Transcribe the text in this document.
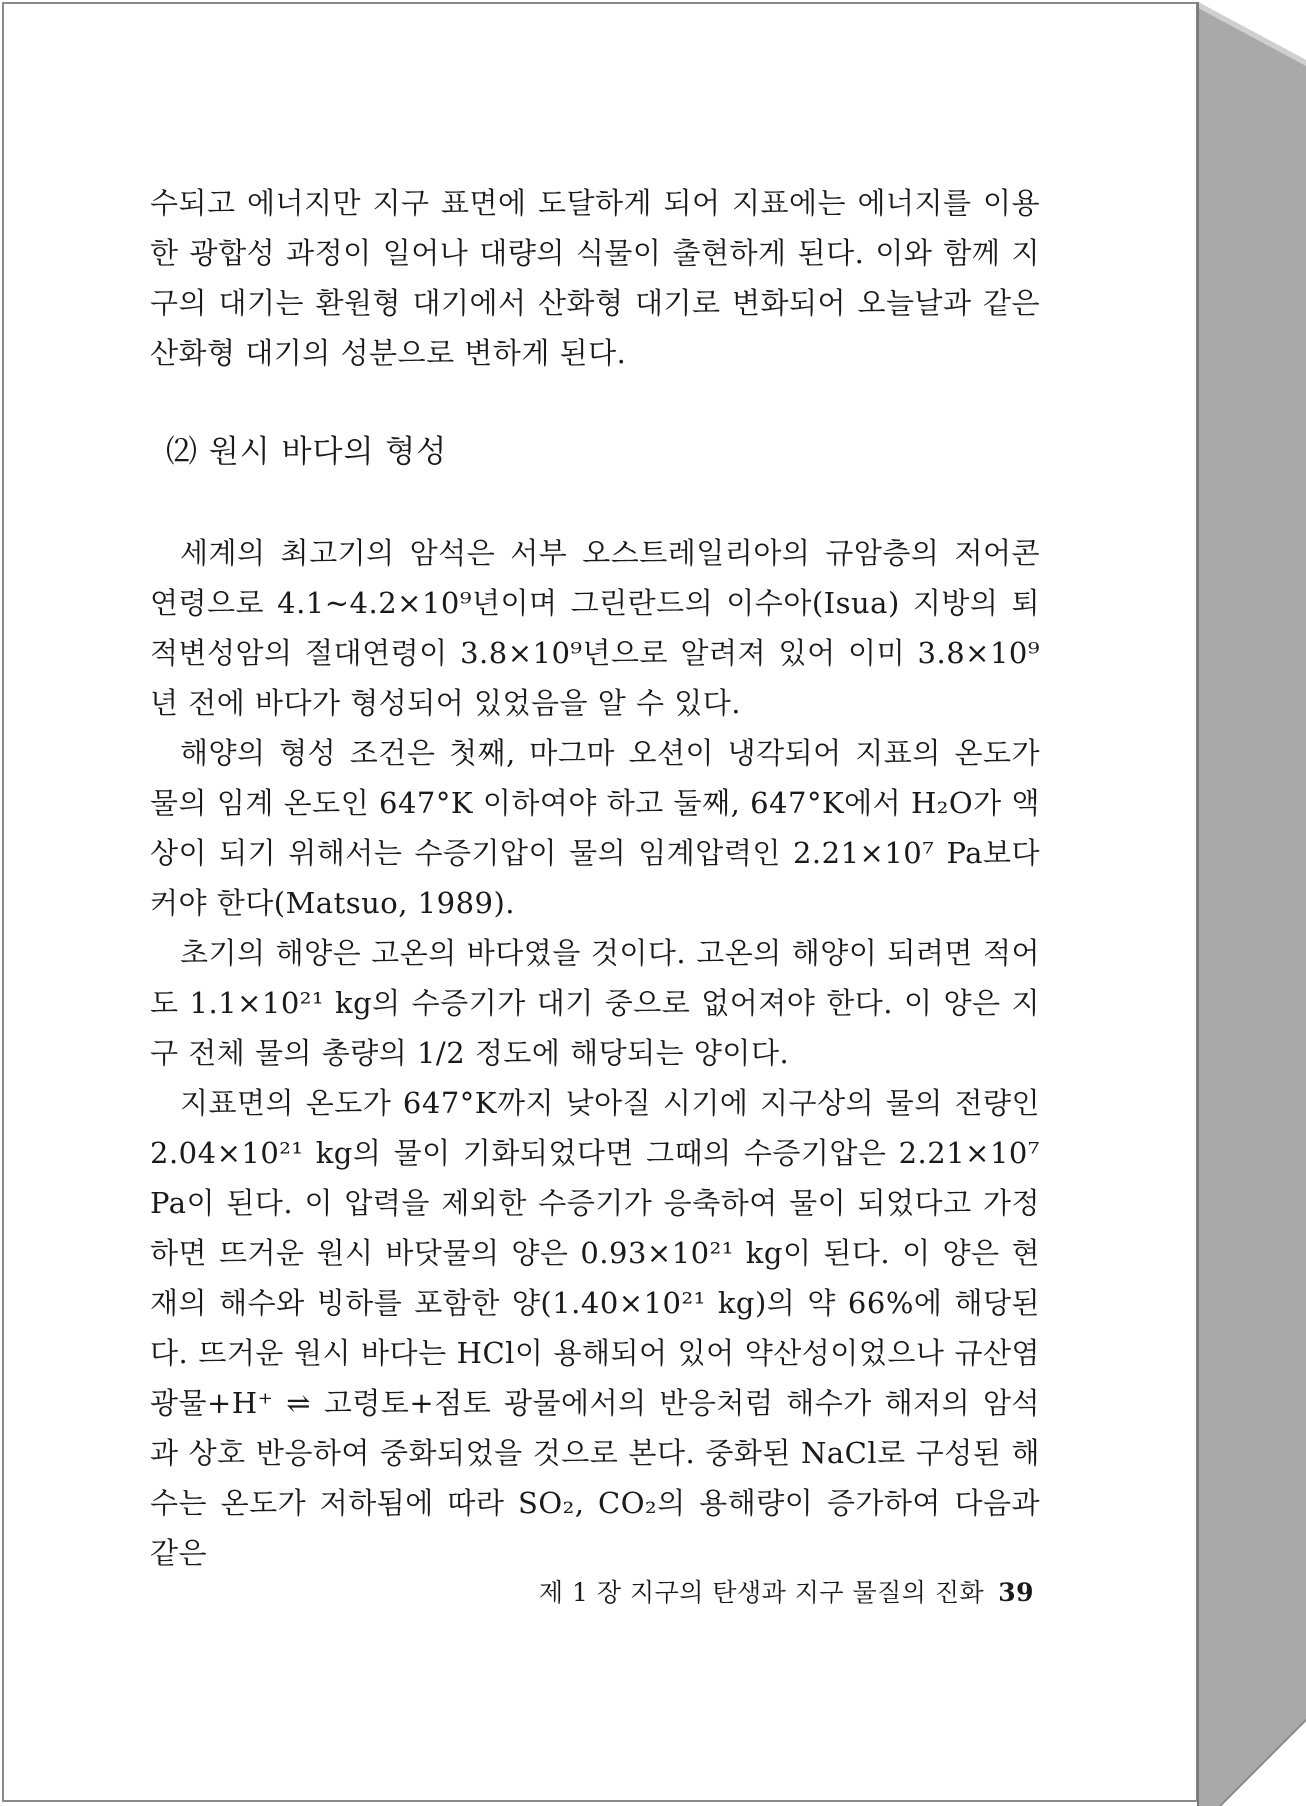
수되고 에너지만 지구 표면에 도달하게 되어 지표에는 에너지를 이용한 광합성 과정이 일어나 대량의 식물이 출현하게 된다. 이와 함께 지구의 대기는 환원형 대기에서 산화형 대기로 변화되어 오늘날과 같은 산화형 대기의 성분으로 변하게 된다.

⑵ 원시 바다의 형성

세계의 최고기의 암석은 서부 오스트레일리아의 규암층의 저어콘 연령으로 4.1∼4.2×10⁹년이며 그린란드의 이수아(Isua) 지방의 퇴적변성암의 절대연령이 3.8×10⁹년으로 알려져 있어 이미 3.8×10⁹년 전에 바다가 형성되어 있었음을 알 수 있다.

해양의 형성 조건은 첫째, 마그마 오션이 냉각되어 지표의 온도가 물의 임계 온도인 647°K 이하여야 하고 둘째, 647°K에서 H₂O가 액상이 되기 위해서는 수증기압이 물의 임계압력인 2.21×10⁷ Pa보다 커야 한다(Matsuo, 1989).

초기의 해양은 고온의 바다였을 것이다. 고온의 해양이 되려면 적어도 1.1×10²¹ kg의 수증기가 대기 중으로 없어져야 한다. 이 양은 지구 전체 물의 총량의 1/2 정도에 해당되는 양이다.

지표면의 온도가 647°K까지 낮아질 시기에 지구상의 물의 전량인 2.04×10²¹ kg의 물이 기화되었다면 그때의 수증기압은 2.21×10⁷ Pa이 된다. 이 압력을 제외한 수증기가 응축하여 물이 되었다고 가정하면 뜨거운 원시 바닷물의 양은 0.93×10²¹ kg이 된다. 이 양은 현재의 해수와 빙하를 포함한 양(1.40×10²¹ kg)의 약 66%에 해당된다. 뜨거운 원시 바다는 HCl이 용해되어 있어 약산성이었으나 규산염 광물+H⁺ ⇌ 고령토+점토 광물에서의 반응처럼 해수가 해저의 암석과 상호 반응하여 중화되었을 것으로 본다. 중화된 NaCl로 구성된 해수는 온도가 저하됨에 따라 SO₂, CO₂의 용해량이 증가하여 다음과 같은

제 1 장 지구의 탄생과 지구 물질의 진화 39
